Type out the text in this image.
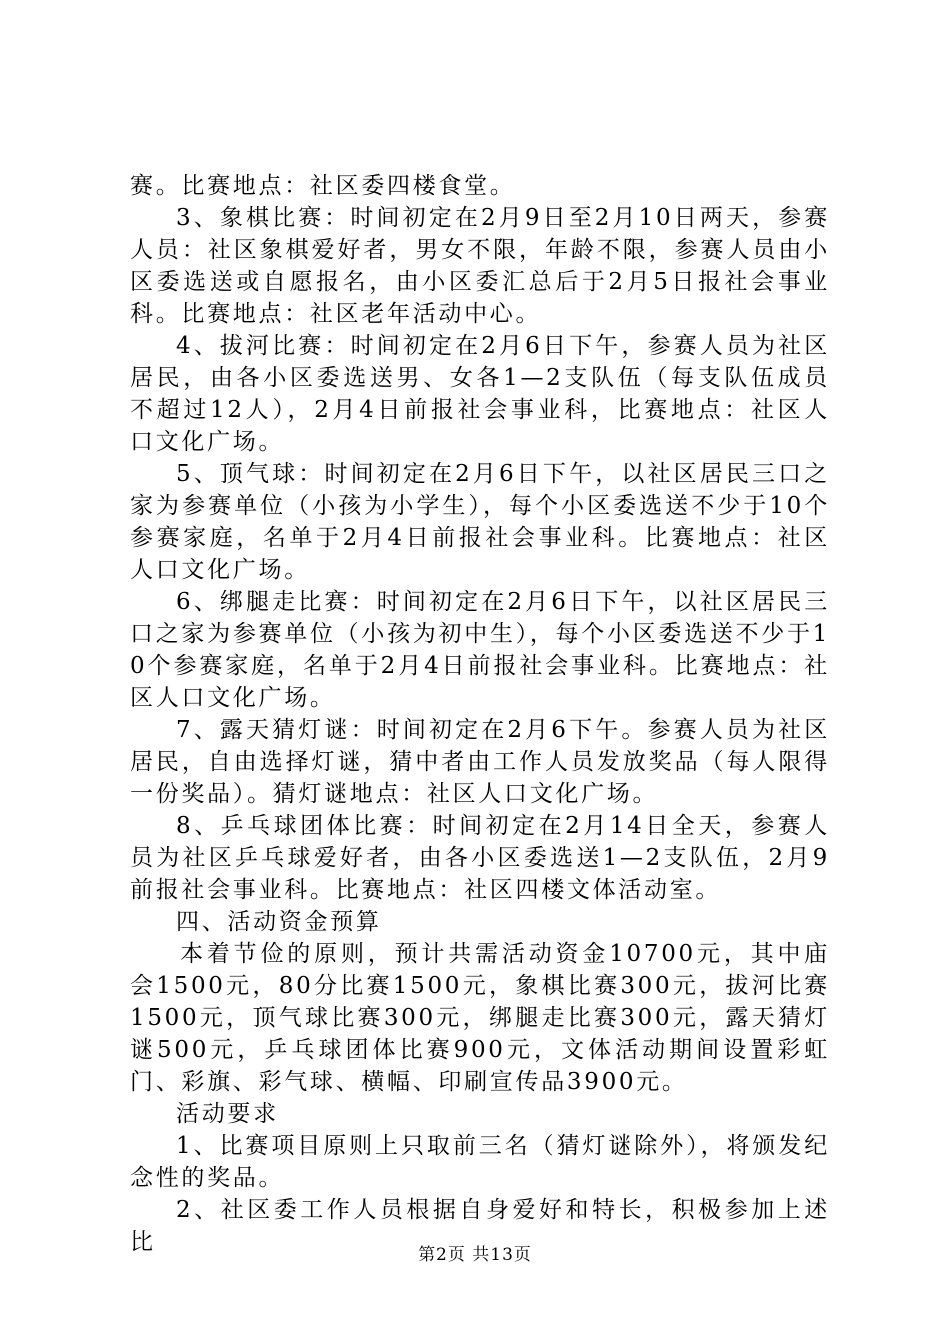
赛。比赛地点：社区委四楼食堂。

3、象棋比赛：时间初定在2月9日至2月10日两天，参赛人员：社区象棋爱好者，男女不限，年龄不限，参赛人员由小区委选送或自愿报名，由小区委汇总后于2月5日报社会事业科。比赛地点：社区老年活动中心。

4、拔河比赛：时间初定在2月6日下午，参赛人员为社区居民，由各小区委选送男、女各1—2支队伍（每支队伍成员不超过12人），2月4日前报社会事业科，比赛地点：社区人口文化广场。

5、顶气球：时间初定在2月6日下午，以社区居民三口之家为参赛单位（小孩为小学生），每个小区委选送不少于10个参赛家庭，名单于2月4日前报社会事业科。比赛地点：社区人口文化广场。

6、绑腿走比赛：时间初定在2月6日下午，以社区居民三口之家为参赛单位（小孩为初中生），每个小区委选送不少于10个参赛家庭，名单于2月4日前报社会事业科。比赛地点：社区人口文化广场。

7、露天猜灯谜：时间初定在2月6下午。参赛人员为社区居民，自由选择灯谜，猜中者由工作人员发放奖品（每人限得一份奖品）。猜灯谜地点：社区人口文化广场。

8、乒乓球团体比赛：时间初定在2月14日全天，参赛人员为社区乒乓球爱好者，由各小区委选送1—2支队伍，2月9前报社会事业科。比赛地点：社区四楼文体活动室。

四、活动资金预算

本着节俭的原则，预计共需活动资金10700元，其中庙会1500元，80分比赛1500元，象棋比赛300元，拔河比赛1500元，顶气球比赛300元，绑腿走比赛300元，露天猜灯谜500元，乒乓球团体比赛900元，文体活动期间设置彩虹门、彩旗、彩气球、横幅、印刷宣传品3900元。

活动要求

1、比赛项目原则上只取前三名（猜灯谜除外），将颁发纪念性的奖品。

2、社区委工作人员根据自身爱好和特长，积极参加上述比	第2页 共13页
